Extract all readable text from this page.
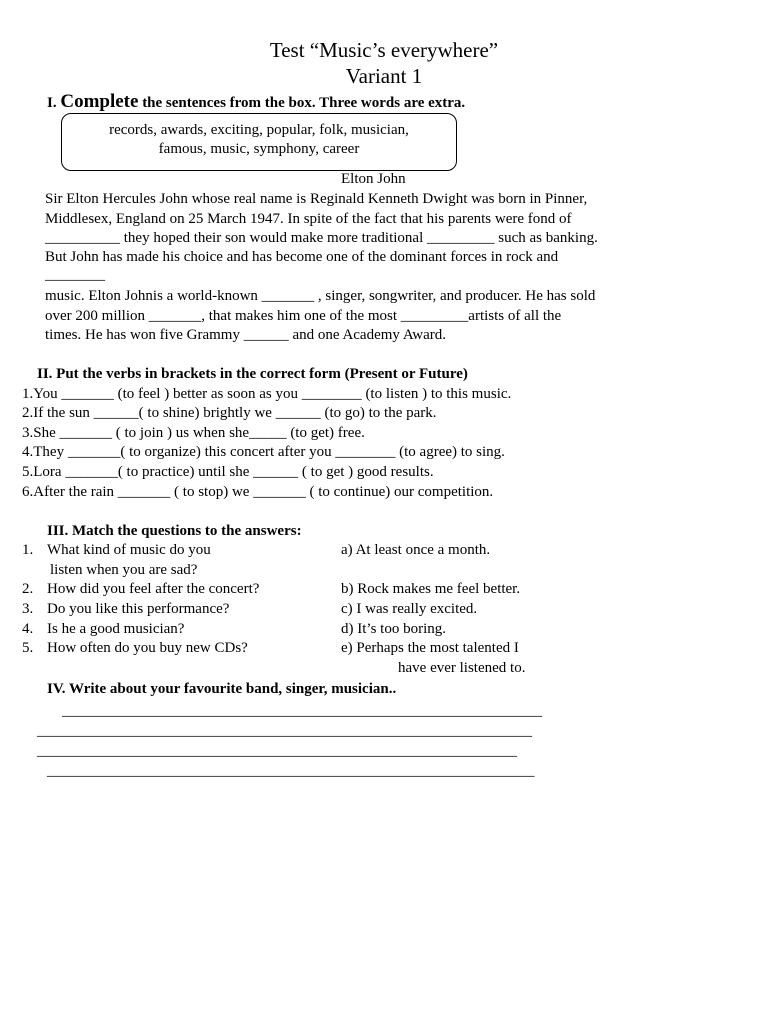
Test “Music’s everywhere”
Variant 1
I. Complete the sentences from the box. Three words are extra.
records, awards, exciting, popular, folk, musician,
famous, music, symphony, career
Elton John
Sir Elton Hercules John whose real name is Reginald Kenneth Dwight was born in Pinner,
Middlesex, England on 25 March 1947. In spite of the fact that his parents were fond of
__________ they hoped their son would make more traditional _________ such as banking.
But John has made his choice and has become one of the dominant forces in rock and
________
music. Elton Johnis a world-known _______ , singer, songwriter, and producer. He has sold
over 200 million _______, that makes him one of the most _________artists of all the
times. He has won five Grammy ______ and one Academy Award.
II. Put the verbs in brackets in the correct form (Present or Future)
1.You _______ (to feel ) better as soon as you ________ (to listen ) to this music.
2.If the sun ______( to shine) brightly we ______ (to go) to the park.
3.She _______ ( to join ) us when she_____ (to get) free.
4.They _______( to organize) this concert after you ________ (to agree) to sing.
5.Lora _______( to practice) until she ______ ( to get ) good results.
6.After the rain _______ ( to stop) we _______ ( to continue) our competition.
III. Match the questions to the answers:
1. What kind of music do you
listen when you are sad?
2. How did you feel after the concert?
3. Do you like this performance?
4. Is he a good musician?
5. How often do you buy new CDs?
a) At least once a month.
b) Rock makes me feel better.
c) I was really excited.
d) It’s too boring.
e) Perhaps the most talented I
have ever listened to.
IV. Write about your favourite band, singer, musician..
________________________________________________________________
__________________________________________________________________
________________________________________________________________
_________________________________________________________________
